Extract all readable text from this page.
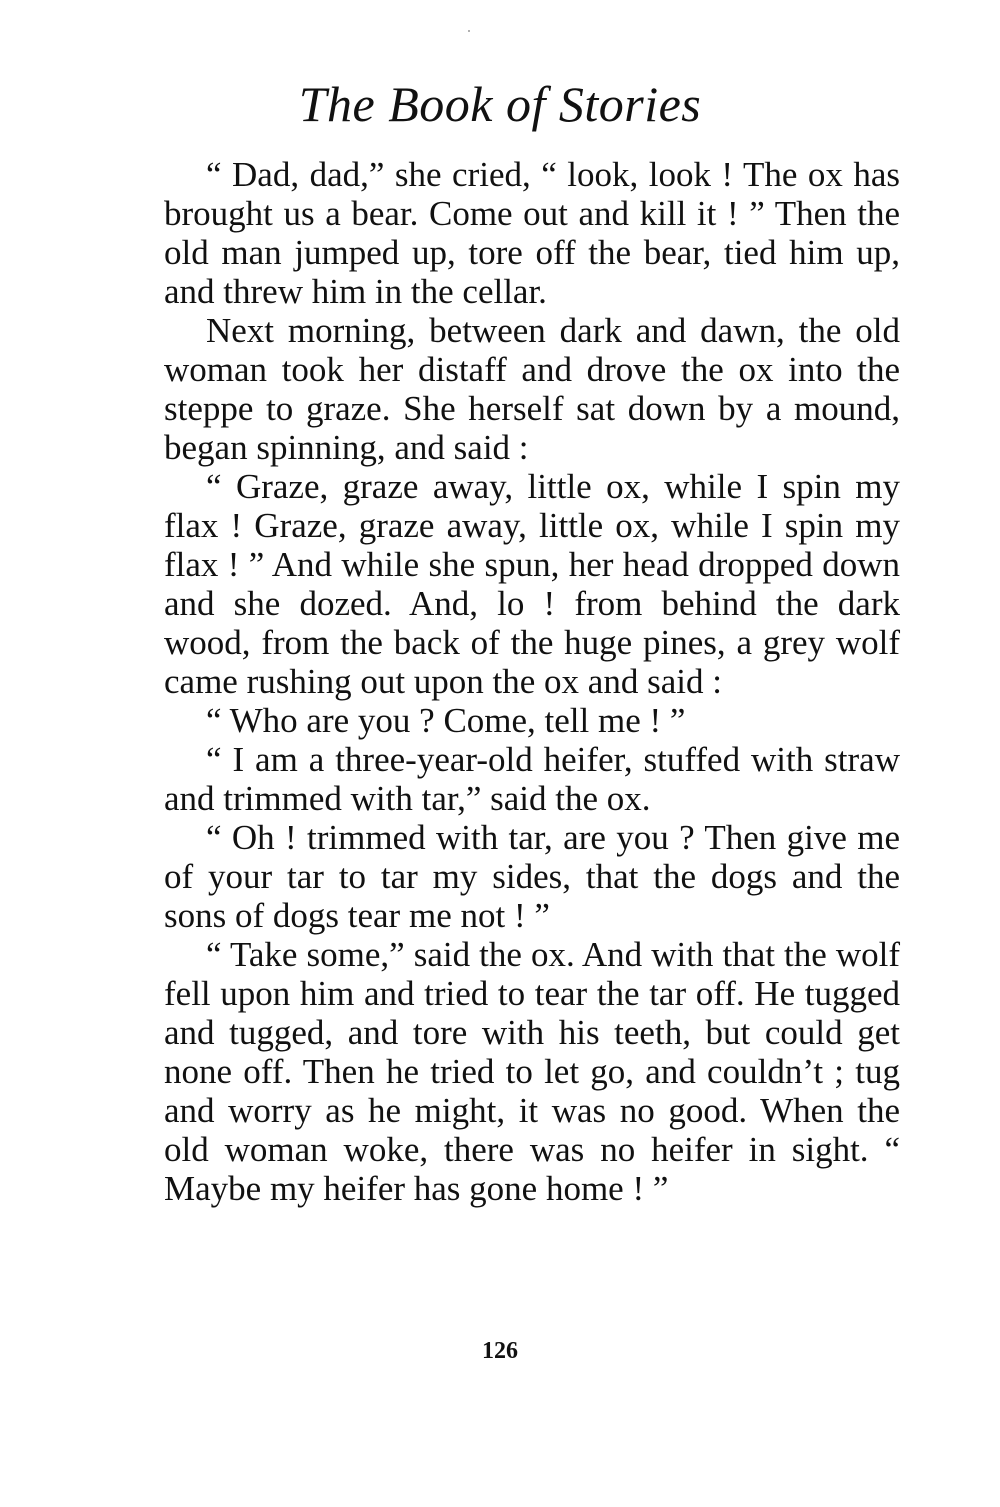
The Book of Stories

“ Dad, dad,” she cried, “ look, look ! The ox has brought us a bear. Come out and kill it ! ” Then the old man jumped up, tore off the bear, tied him up, and threw him in the cellar.

Next morning, between dark and dawn, the old woman took her distaff and drove the ox into the steppe to graze. She herself sat down by a mound, began spinning, and said :

“ Graze, graze away, little ox, while I spin my flax ! Graze, graze away, little ox, while I spin my flax ! ” And while she spun, her head dropped down and she dozed. And, lo ! from behind the dark wood, from the back of the huge pines, a grey wolf came rushing out upon the ox and said :

“ Who are you ? Come, tell me ! ”

“ I am a three-year-old heifer, stuffed with straw and trimmed with tar,” said the ox.

“ Oh ! trimmed with tar, are you ? Then give me of your tar to tar my sides, that the dogs and the sons of dogs tear me not ! ”

“ Take some,” said the ox. And with that the wolf fell upon him and tried to tear the tar off. He tugged and tugged, and tore with his teeth, but could get none off. Then he tried to let go, and couldn’t ; tug and worry as he might, it was no good. When the old woman woke, there was no heifer in sight. “ Maybe my heifer has gone home ! ”

126
